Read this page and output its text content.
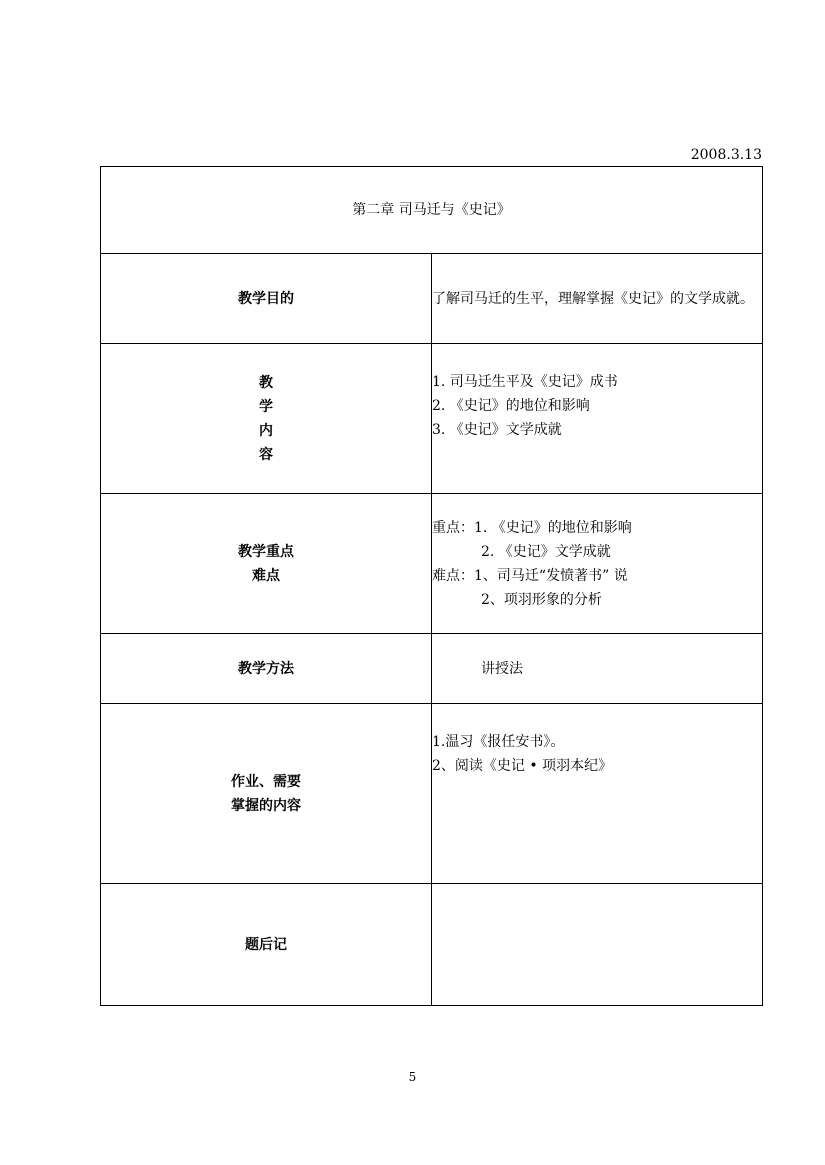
2008.3.13
第二章 司马迁与《史记》	
教学目的	了解司马迁的生平，理解掌握《史记》的文学成就。

教
学
内
容	1. 司马迁生平及《史记》成书
2. 《史记》的地位和影响
3. 《史记》文学成就

教学重点
难点	重点：1. 《史记》的地位和影响
2. 《史记》文学成就
难点：1、司马迁“发愤著书” 说
2、项羽形象的分析

教学方法	讲授法

作业、需要
掌握的内容	1.温习《报任安书》。
2、阅读《史记 • 项羽本纪》

题后记	
5
